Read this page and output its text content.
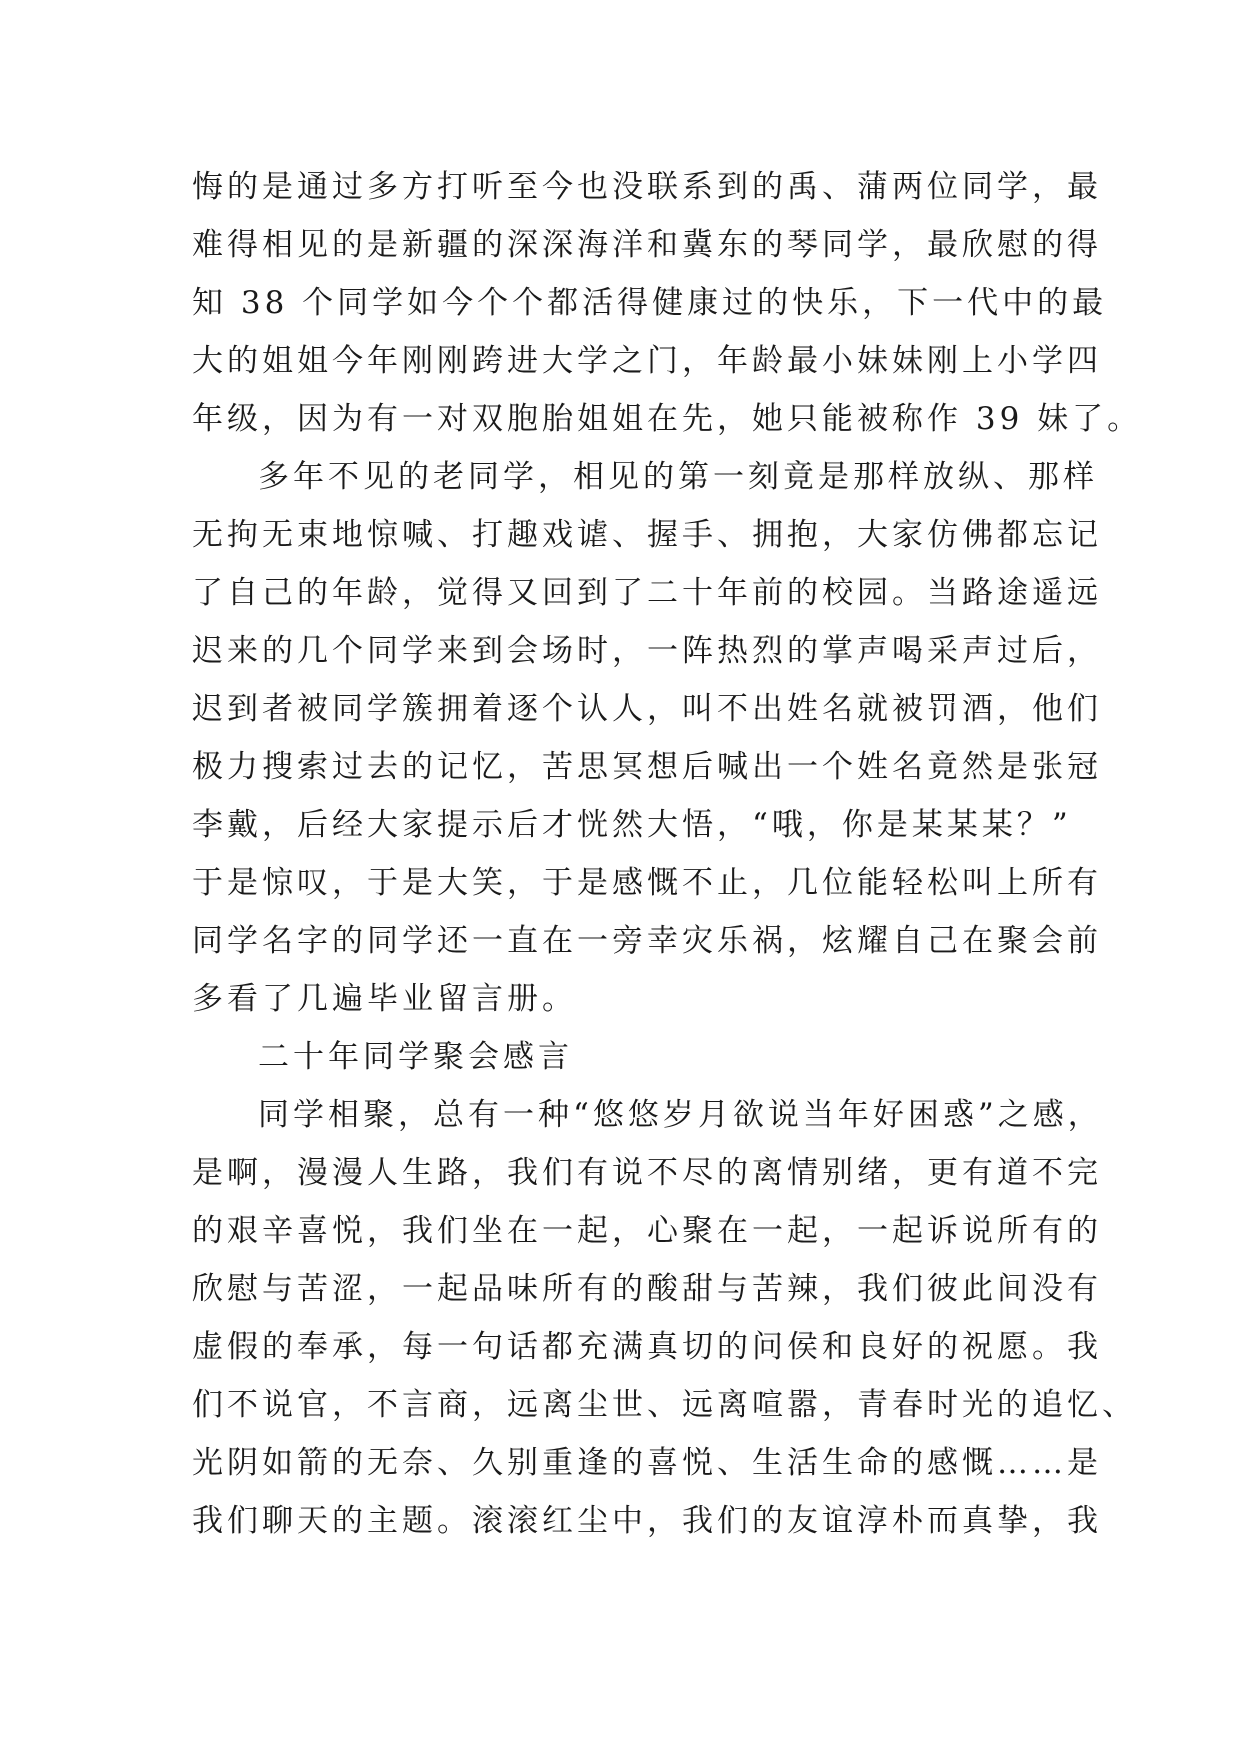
悔的是通过多方打听至今也没联系到的禹、蒲两位同学，最
难得相见的是新疆的深深海洋和冀东的琴同学，最欣慰的得
知 38 个同学如今个个都活得健康过的快乐，下一代中的最
大的姐姐今年刚刚跨进大学之门，年龄最小妹妹刚上小学四
年级，因为有一对双胞胎姐姐在先，她只能被称作 39 妹了。
多年不见的老同学，相见的第一刻竟是那样放纵、那样
无拘无束地惊喊、打趣戏谑、握手、拥抱，大家仿佛都忘记
了自己的年龄，觉得又回到了二十年前的校园。当路途遥远
迟来的几个同学来到会场时，一阵热烈的掌声喝采声过后，
迟到者被同学簇拥着逐个认人，叫不出姓名就被罚酒，他们
极力搜索过去的记忆，苦思冥想后喊出一个姓名竟然是张冠
李戴，后经大家提示后才恍然大悟，“哦，你是某某某？”
于是惊叹，于是大笑，于是感慨不止，几位能轻松叫上所有
同学名字的同学还一直在一旁幸灾乐祸，炫耀自己在聚会前
多看了几遍毕业留言册。
二十年同学聚会感言
同学相聚，总有一种“悠悠岁月欲说当年好困惑”之感，
是啊，漫漫人生路，我们有说不尽的离情别绪，更有道不完
的艰辛喜悦，我们坐在一起，心聚在一起，一起诉说所有的
欣慰与苦涩，一起品味所有的酸甜与苦辣，我们彼此间没有
虚假的奉承，每一句话都充满真切的问侯和良好的祝愿。我
们不说官，不言商，远离尘世、远离喧嚣，青春时光的追忆、
光阴如箭的无奈、久别重逢的喜悦、生活生命的感慨……是
我们聊天的主题。滚滚红尘中，我们的友谊淳朴而真挚，我
